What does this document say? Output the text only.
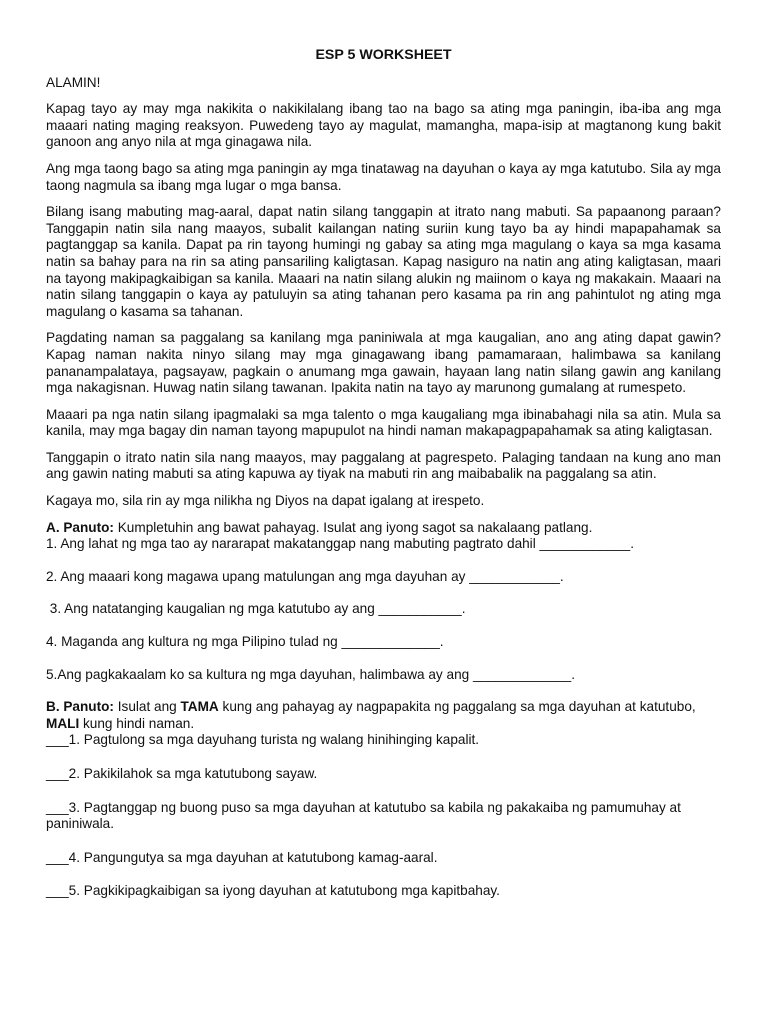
ESP 5 WORKSHEET
ALAMIN!
Kapag tayo ay may mga nakikita o nakikilalang ibang tao na bago sa ating mga paningin, iba-iba ang mga maaari nating maging reaksyon. Puwedeng tayo ay magulat, mamangha, mapa-isip at magtanong kung bakit ganoon ang anyo nila at mga ginagawa nila.
Ang mga taong bago sa ating mga paningin ay mga tinatawag na dayuhan o kaya ay mga katutubo. Sila ay mga taong nagmula sa ibang mga lugar o mga bansa.
Bilang isang mabuting mag-aaral, dapat natin silang tanggapin at itrato nang mabuti. Sa papaanong paraan? Tanggapin natin sila nang maayos, subalit kailangan nating suriin kung tayo ba ay hindi mapapahamak sa pagtanggap sa kanila. Dapat pa rin tayong humingi ng gabay sa ating mga magulang o kaya sa mga kasama natin sa bahay para na rin sa ating pansariling kaligtasan. Kapag nasiguro na natin ang ating kaligtasan, maari na tayong makipagkaibigan sa kanila. Maaari na natin silang alukin ng maiinom o kaya ng makakain. Maaari na natin silang tanggapin o kaya ay patuluyin sa ating tahanan pero kasama pa rin ang pahintulot ng ating mga magulang o kasama sa tahanan.
Pagdating naman sa paggalang sa kanilang mga paniniwala at mga kaugalian, ano ang ating dapat gawin? Kapag naman nakita ninyo silang may mga ginagawang ibang pamamaraan, halimbawa sa kanilang pananampalataya, pagsayaw, pagkain o anumang mga gawain, hayaan lang natin silang gawin ang kanilang mga nakagisnan. Huwag natin silang tawanan. Ipakita natin na tayo ay marunong gumalang at rumespeto.
Maaari pa nga natin silang ipagmalaki sa mga talento o mga kaugaliang mga ibinabahagi nila sa atin. Mula sa kanila, may mga bagay din naman tayong mapupulot na hindi naman makapagpapahamak sa ating kaligtasan.
Tanggapin o itrato natin sila nang maayos, may paggalang at pagrespeto. Palaging tandaan na kung ano man ang gawin nating mabuti sa ating kapuwa ay tiyak na mabuti rin ang maibabalik na paggalang sa atin.
Kagaya mo, sila rin ay mga nilikha ng Diyos na dapat igalang at irespeto.
A. Panuto: Kumpletuhin ang bawat pahayag. Isulat ang iyong sagot sa nakalaang patlang.
1. Ang lahat ng mga tao ay nararapat makatanggap nang mabuting pagtrato dahil ____________.
2. Ang maaari kong magawa upang matulungan ang mga dayuhan ay ____________.
3. Ang natatanging kaugalian ng mga katutubo ay ang ___________.
4. Maganda ang kultura ng mga Pilipino tulad ng _____________.
5.Ang pagkakaalam ko sa kultura ng mga dayuhan, halimbawa ay ang _____________.
B. Panuto: Isulat ang TAMA kung ang pahayag ay nagpapakita ng paggalang sa mga dayuhan at katutubo,
MALI kung hindi naman.
___1. Pagtulong sa mga dayuhang turista ng walang hinihinging kapalit.
___2. Pakikilahok sa mga katutubong sayaw.
___3. Pagtanggap ng buong puso sa mga dayuhan at katutubo sa kabila ng pakakaiba ng pamumuhay at paniniwala.
___4. Pangungutya sa mga dayuhan at katutubong kamag-aaral.
___5. Pagkikipagkaibigan sa iyong dayuhan at katutubong mga kapitbahay.
